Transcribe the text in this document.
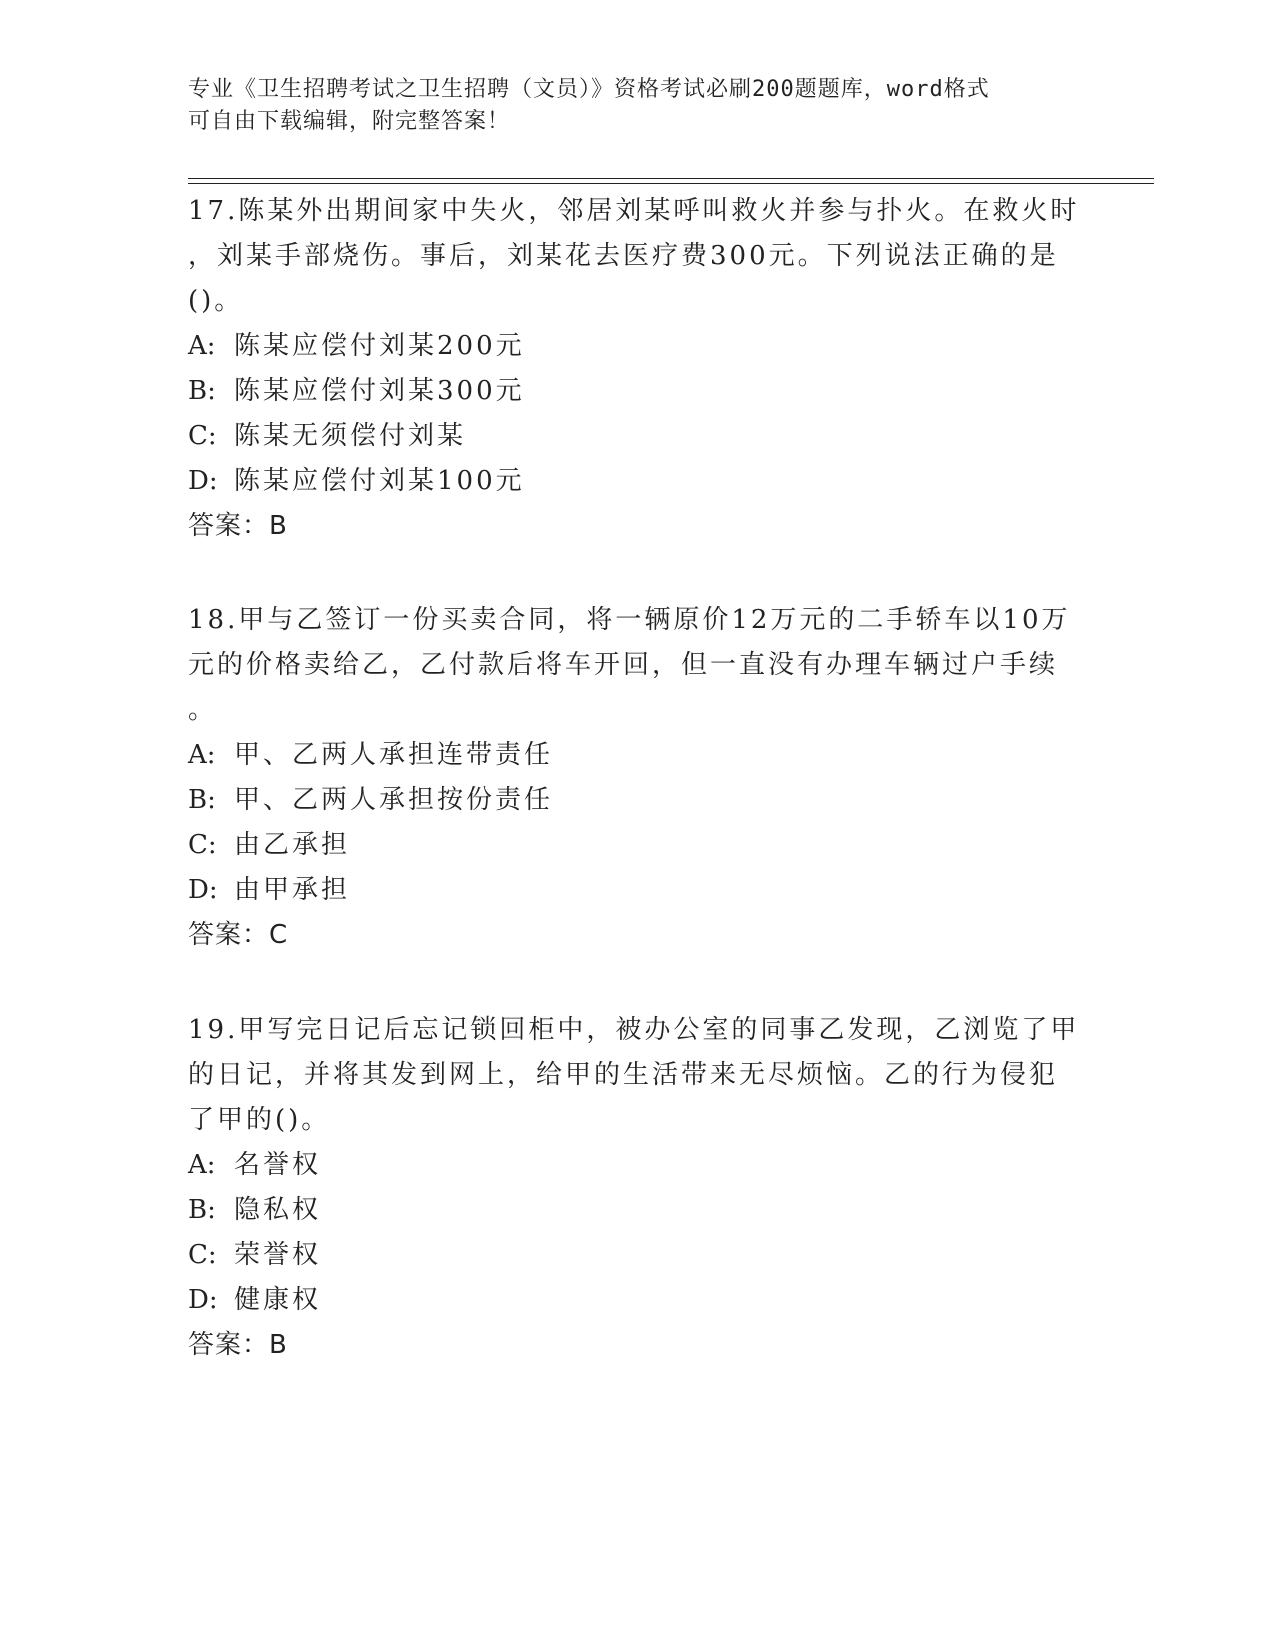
专业《卫生招聘考试之卫生招聘（文员）》资格考试必刷200题题库，word格式
可自由下载编辑，附完整答案！
17.陈某外出期间家中失火，邻居刘某呼叫救火并参与扑火。在救火时
，刘某手部烧伤。事后，刘某花去医疗费300元。下列说法正确的是
()。
A: 陈某应偿付刘某200元
B: 陈某应偿付刘某300元
C: 陈某无须偿付刘某
D: 陈某应偿付刘某100元
答案：B
18.甲与乙签订一份买卖合同，将一辆原价12万元的二手轿车以10万
元的价格卖给乙，乙付款后将车开回，但一直没有办理车辆过户手续
。
A: 甲、乙两人承担连带责任
B: 甲、乙两人承担按份责任
C: 由乙承担
D: 由甲承担
答案：C
19.甲写完日记后忘记锁回柜中，被办公室的同事乙发现，乙浏览了甲
的日记，并将其发到网上，给甲的生活带来无尽烦恼。乙的行为侵犯
了甲的()。
A: 名誉权
B: 隐私权
C: 荣誉权
D: 健康权
答案：B
